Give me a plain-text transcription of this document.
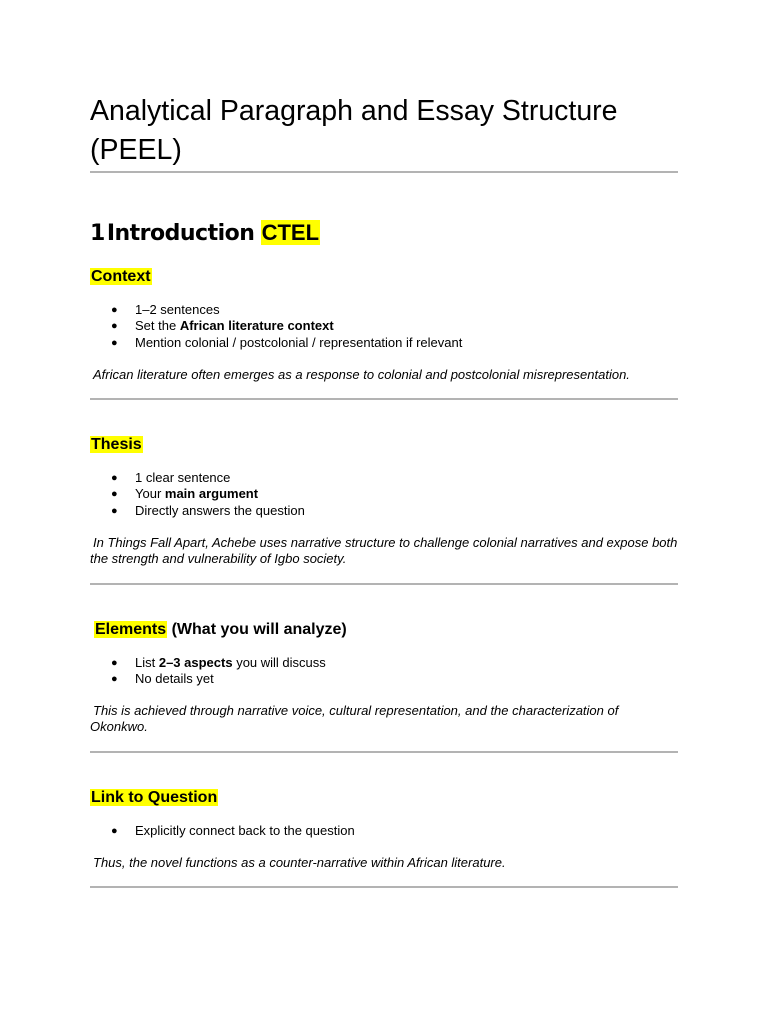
Analytical Paragraph and Essay Structure (PEEL)
1Introduction CTEL
Context
● 1–2 sentences
● Set the African literature context
● Mention colonial / postcolonial / representation if relevant

African literature often emerges as a response to colonial and postcolonial misrepresentation.

Thesis
● 1 clear sentence
● Your main argument
● Directly answers the question

In Things Fall Apart, Achebe uses narrative structure to challenge colonial narratives and expose both the strength and vulnerability of Igbo society.

Elements (What you will analyze)
● List 2–3 aspects you will discuss
● No details yet

This is achieved through narrative voice, cultural representation, and the characterization of Okonkwo.

Link to Question
● Explicitly connect back to the question

Thus, the novel functions as a counter-narrative within African literature.
